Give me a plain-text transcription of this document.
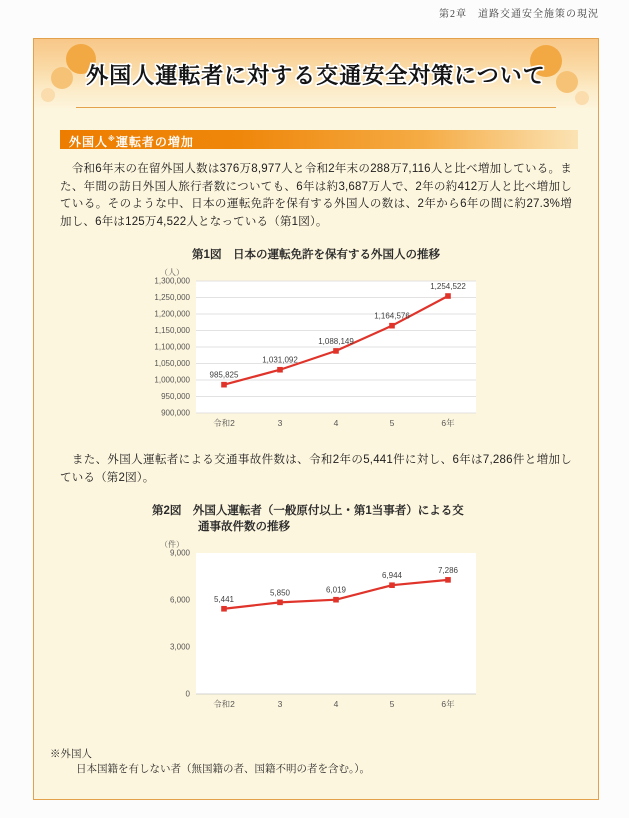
第2章　道路交通安全施策の現況
外国人運転者に対する交通安全対策について
外国人※運転者の増加

　令和6年末の在留外国人数は376万8,977人と令和2年末の288万7,116人と比べ増加している。また、年間の訪日外国人旅行者数についても、6年は約3,687万人で、2年の約412万人と比べ増加している。そのような中、日本の運転免許を保有する外国人の数は、2年から6年の間に約27.3%増加し、6年は125万4,522人となっている（第1図）。

第1図　日本の運転免許を保有する外国人の推移
（人）
900,000
950,000
1,000,000
1,050,000
1,100,000
1,150,000
1,200,000
1,250,000
1,300,000
令和2	3	4	5	6年
985,825
1,031,092
1,088,149
1,164,576
1,254,522

　また、外国人運転者による交通事故件数は、令和2年の5,441件に対し、6年は7,286件と増加している（第2図）。

第2図　外国人運転者（一般原付以上・第1当事者）による交
通事故件数の推移
（件）
0
3,000
6,000
9,000
令和2	3	4	5	6年
5,441
5,850	6,019
6,944
7,286
※外国人
日本国籍を有しない者（無国籍の者、国籍不明の者を含む。）。
